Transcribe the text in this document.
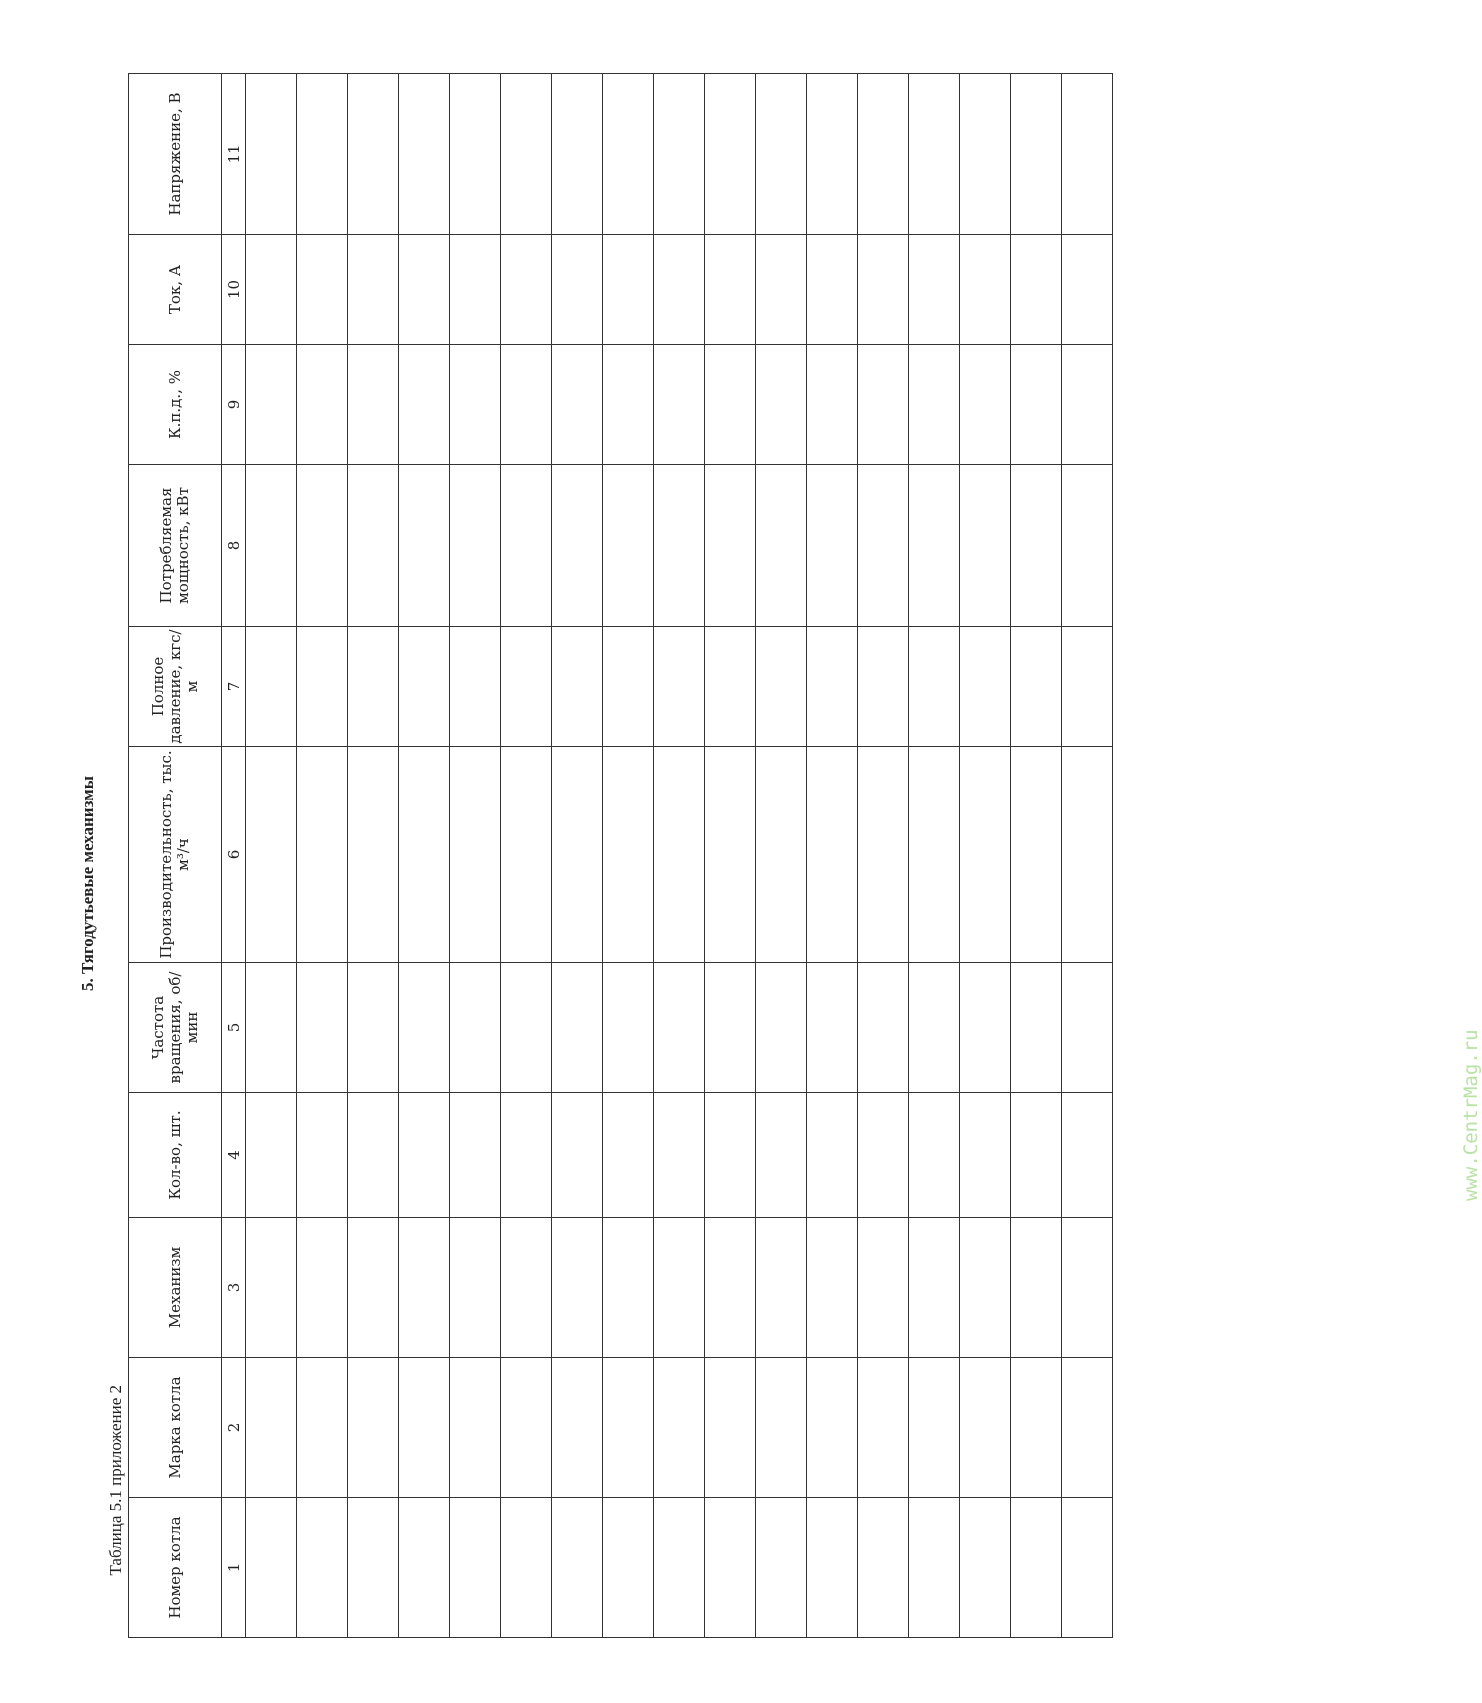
5. Тягодутьевые механизмы
Таблица 5.1 приложение 2	Номер котла	Марка котла	Механизм	Кол-во, шт.	Частота вращения, об/мин	Производительность, тыс. м³/ч	Полное давление, кгс/м	Потребляемая мощность, кВт	К.п.д., %	Ток, А	Напряжение, В
1	2	3	4	5	6	7	8	9	10	11

www.CentrMag.ru
